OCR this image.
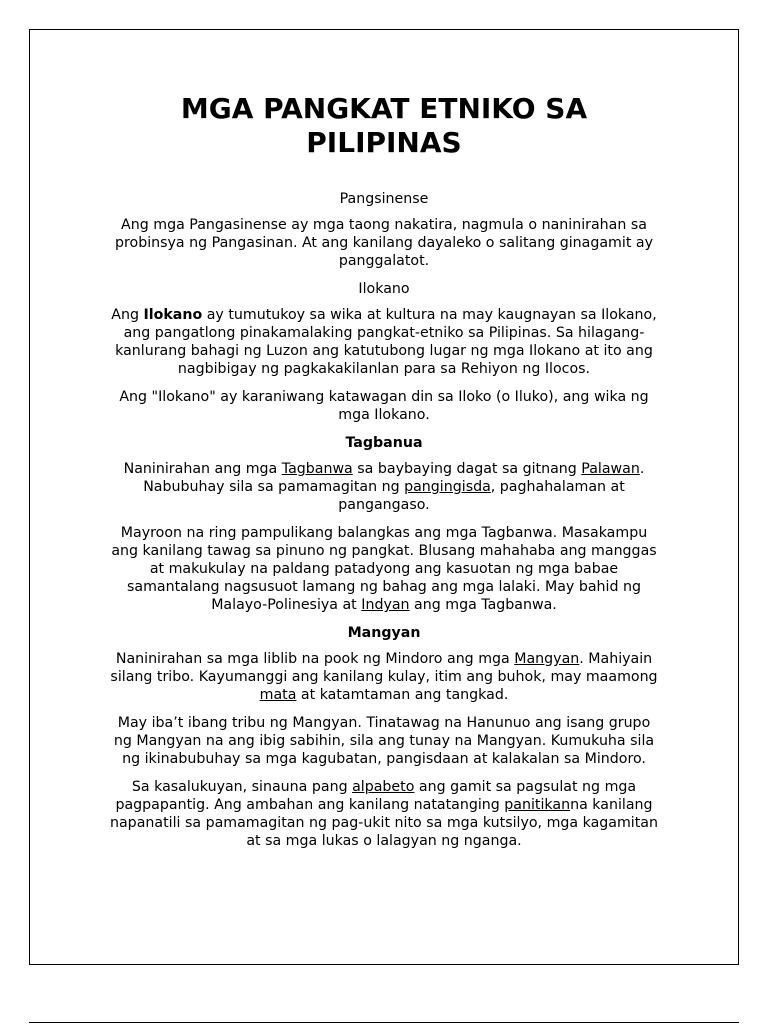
MGA PANGKAT ETNIKO SA PILIPINAS

Pangsinense

Ang mga Pangasinense ay mga taong nakatira, nagmula o naninirahan sa probinsya ng Pangasinan. At ang kanilang dayaleko o salitang ginagamit ay panggalatot.

Ilokano

Ang Ilokano ay tumutukoy sa wika at kultura na may kaugnayan sa Ilokano, ang pangatlong pinakamalaking pangkat-etniko sa Pilipinas. Sa hilagang-kanlurang bahagi ng Luzon ang katutubong lugar ng mga Ilokano at ito ang nagbibigay ng pagkakakilanlan para sa Rehiyon ng Ilocos.

Ang "Ilokano" ay karaniwang katawagan din sa Iloko (o Iluko), ang wika ng mga Ilokano.

Tagbanua

Naninirahan ang mga Tagbanwa sa baybaying dagat sa gitnang Palawan. Nabubuhay sila sa pamamagitan ng pangingisda, paghahalaman at pangangaso.

Mayroon na ring pampulikang balangkas ang mga Tagbanwa. Masakampu ang kanilang tawag sa pinuno ng pangkat. Blusang mahahaba ang manggas at makukulay na paldang patadyong ang kasuotan ng mga babae samantalang nagsusuot lamang ng bahag ang mga lalaki. May bahid ng Malayo-Polinesiya at Indyan ang mga Tagbanwa.

Mangyan

Naninirahan sa mga liblib na pook ng Mindoro ang mga Mangyan. Mahiyain silang tribo. Kayumanggi ang kanilang kulay, itim ang buhok, may maamong mata at katamtaman ang tangkad.

May iba’t ibang tribu ng Mangyan. Tinatawag na Hanunuo ang isang grupo ng Mangyan na ang ibig sabihin, sila ang tunay na Mangyan. Kumukuha sila ng ikinabubuhay sa mga kagubatan, pangisdaan at kalakalan sa Mindoro.

Sa kasalukuyan, sinauna pang alpabeto ang gamit sa pagsulat ng mga pagpapantig. Ang ambahan ang kanilang natatanging panitikanna kanilang napanatili sa pamamagitan ng pag-ukit nito sa mga kutsilyo, mga kagamitan at sa mga lukas o lalagyan ng nganga.
